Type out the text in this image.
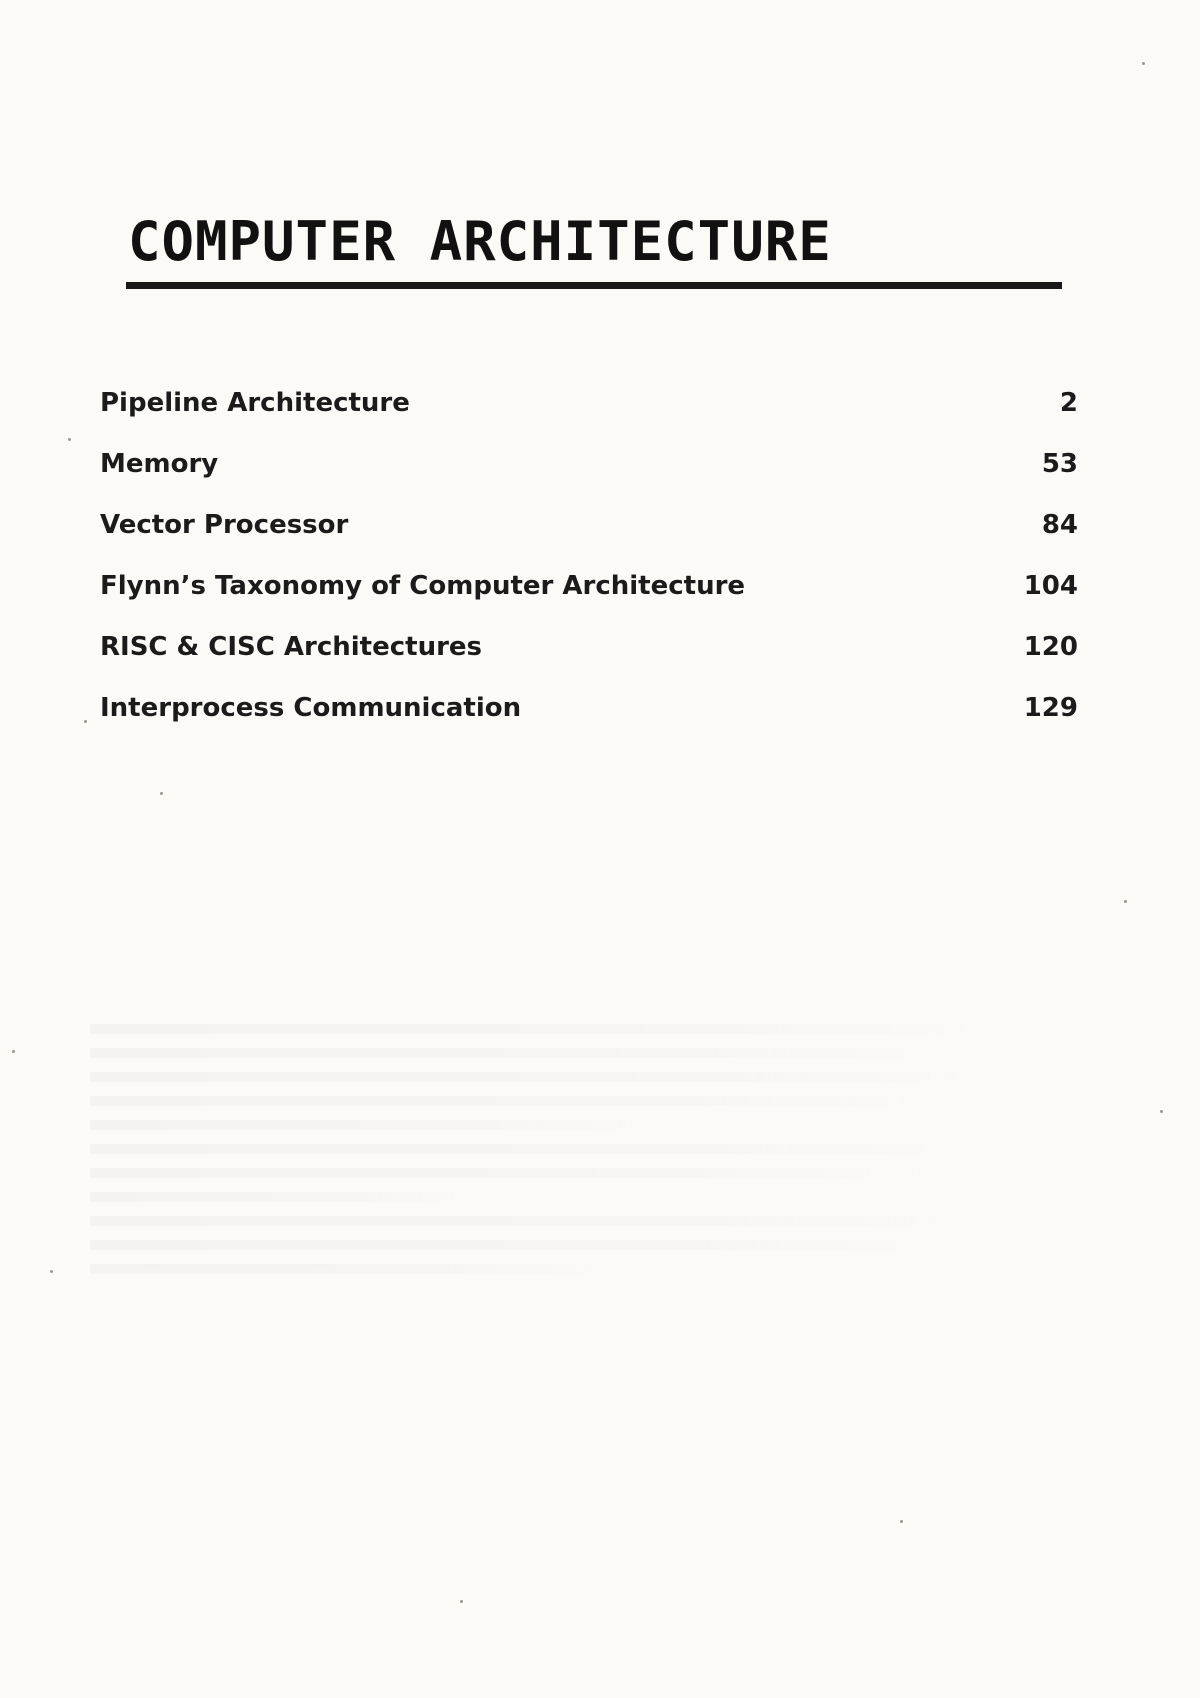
COMPUTER ARCHITECTURE
Pipeline Architecture	2
Memory	53
Vector Processor	84
Flynn’s Taxonomy of Computer Architecture	104
RISC & CISC Architectures	120
Interprocess Communication	129
